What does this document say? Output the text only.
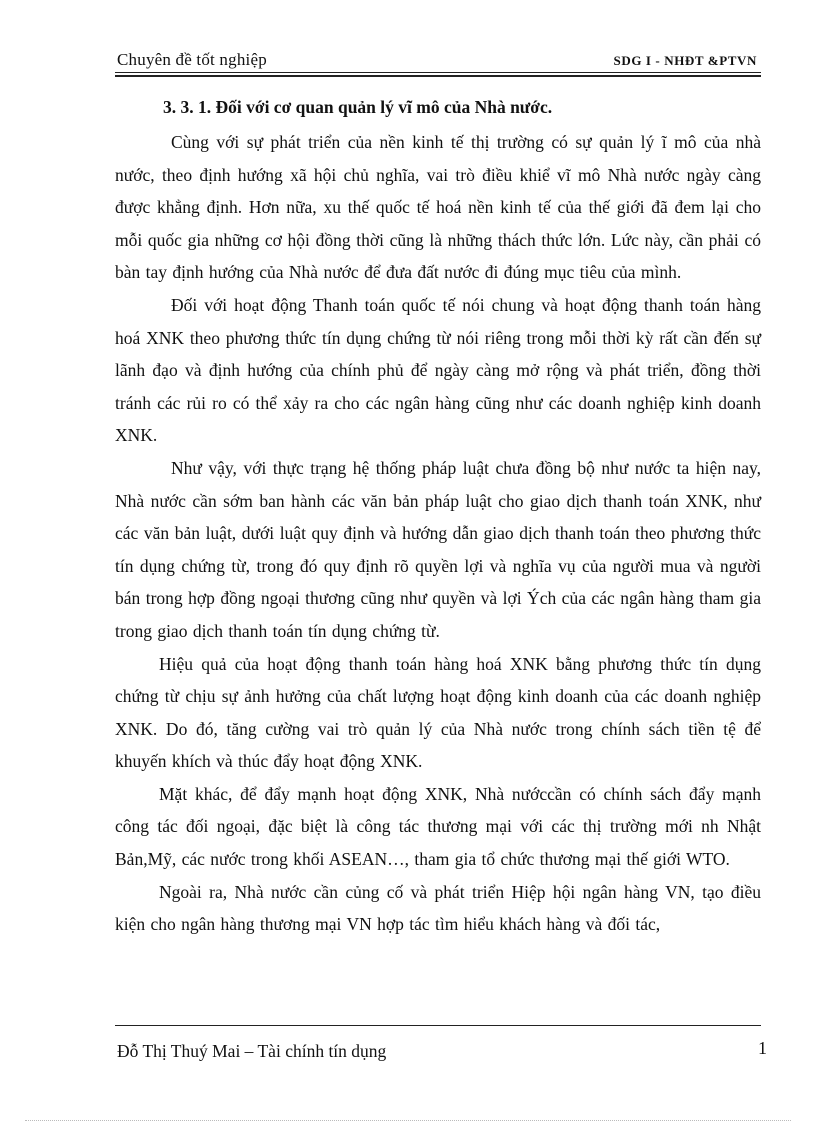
Chuyên đề tốt nghiệp	SDG I - NHĐT &PTVN

3. 3. 1. Đối với cơ quan quản lý vĩ mô của Nhà nước.

Cùng với sự phát triển của nền kinh tế thị trường có sự quản lý ĩ mô của nhà nước, theo định hướng xã hội chủ nghĩa, vai trò điều khiể vĩ mô Nhà nước ngày càng được khẳng định. Hơn nữa, xu thế quốc tế hoá nền kinh tế của thế giới đã đem lại cho mỗi quốc gia những cơ hội đồng thời cũng là những thách thức lớn. Lức này, cần phải có bàn tay định hướng của Nhà nước để đưa đất nước đi đúng mục tiêu của mình.

Đối với hoạt động Thanh toán quốc tế nói chung và hoạt động thanh toán hàng hoá XNK theo phương thức tín dụng chứng từ nói riêng trong mỗi thời kỳ rất cần đến sự lãnh đạo và định hướng của chính phủ để ngày càng mở rộng và phát triển, đồng thời tránh các rủi ro có thể xảy ra cho các ngân hàng cũng như các doanh nghiệp kinh doanh XNK.

Như vậy, với thực trạng hệ thống pháp luật chưa đồng bộ như nước ta hiện nay, Nhà nước cần sớm ban hành các văn bản pháp luật cho giao dịch thanh toán XNK, như các văn bản luật, dưới luật quy định và hướng dẫn giao dịch thanh toán theo phương thức tín dụng chứng từ, trong đó quy định rõ quyền lợi và nghĩa vụ của người mua và người bán trong hợp đồng ngoại thương cũng như quyền và lợi Ých của các ngân hàng tham gia trong giao dịch thanh toán tín dụng chứng từ.

Hiệu quả của hoạt động thanh toán hàng hoá XNK bằng phương thức tín dụng chứng từ chịu sự ảnh hưởng của chất lượng hoạt động kinh doanh của các doanh nghiệp XNK. Do đó, tăng cường vai trò quản lý của Nhà nước trong chính sách tiền tệ để khuyến khích và thúc đẩy hoạt động XNK.

Mặt khác, để đẩy mạnh hoạt động XNK, Nhà nướccần có chính sách đẩy mạnh công tác đối ngoại, đặc biệt là công tác thương mại với các thị trường mới nh Nhật Bản,Mỹ, các nước trong khối ASEAN…, tham gia tổ chức thương mại thế giới WTO.

Ngoài ra, Nhà nước cần củng cố và phát triển Hiệp hội ngân hàng VN, tạo điều kiện cho ngân hàng thương mại VN hợp tác tìm hiểu khách hàng và đối tác,

Đỗ Thị Thuý Mai – Tài chính tín dụng	1
